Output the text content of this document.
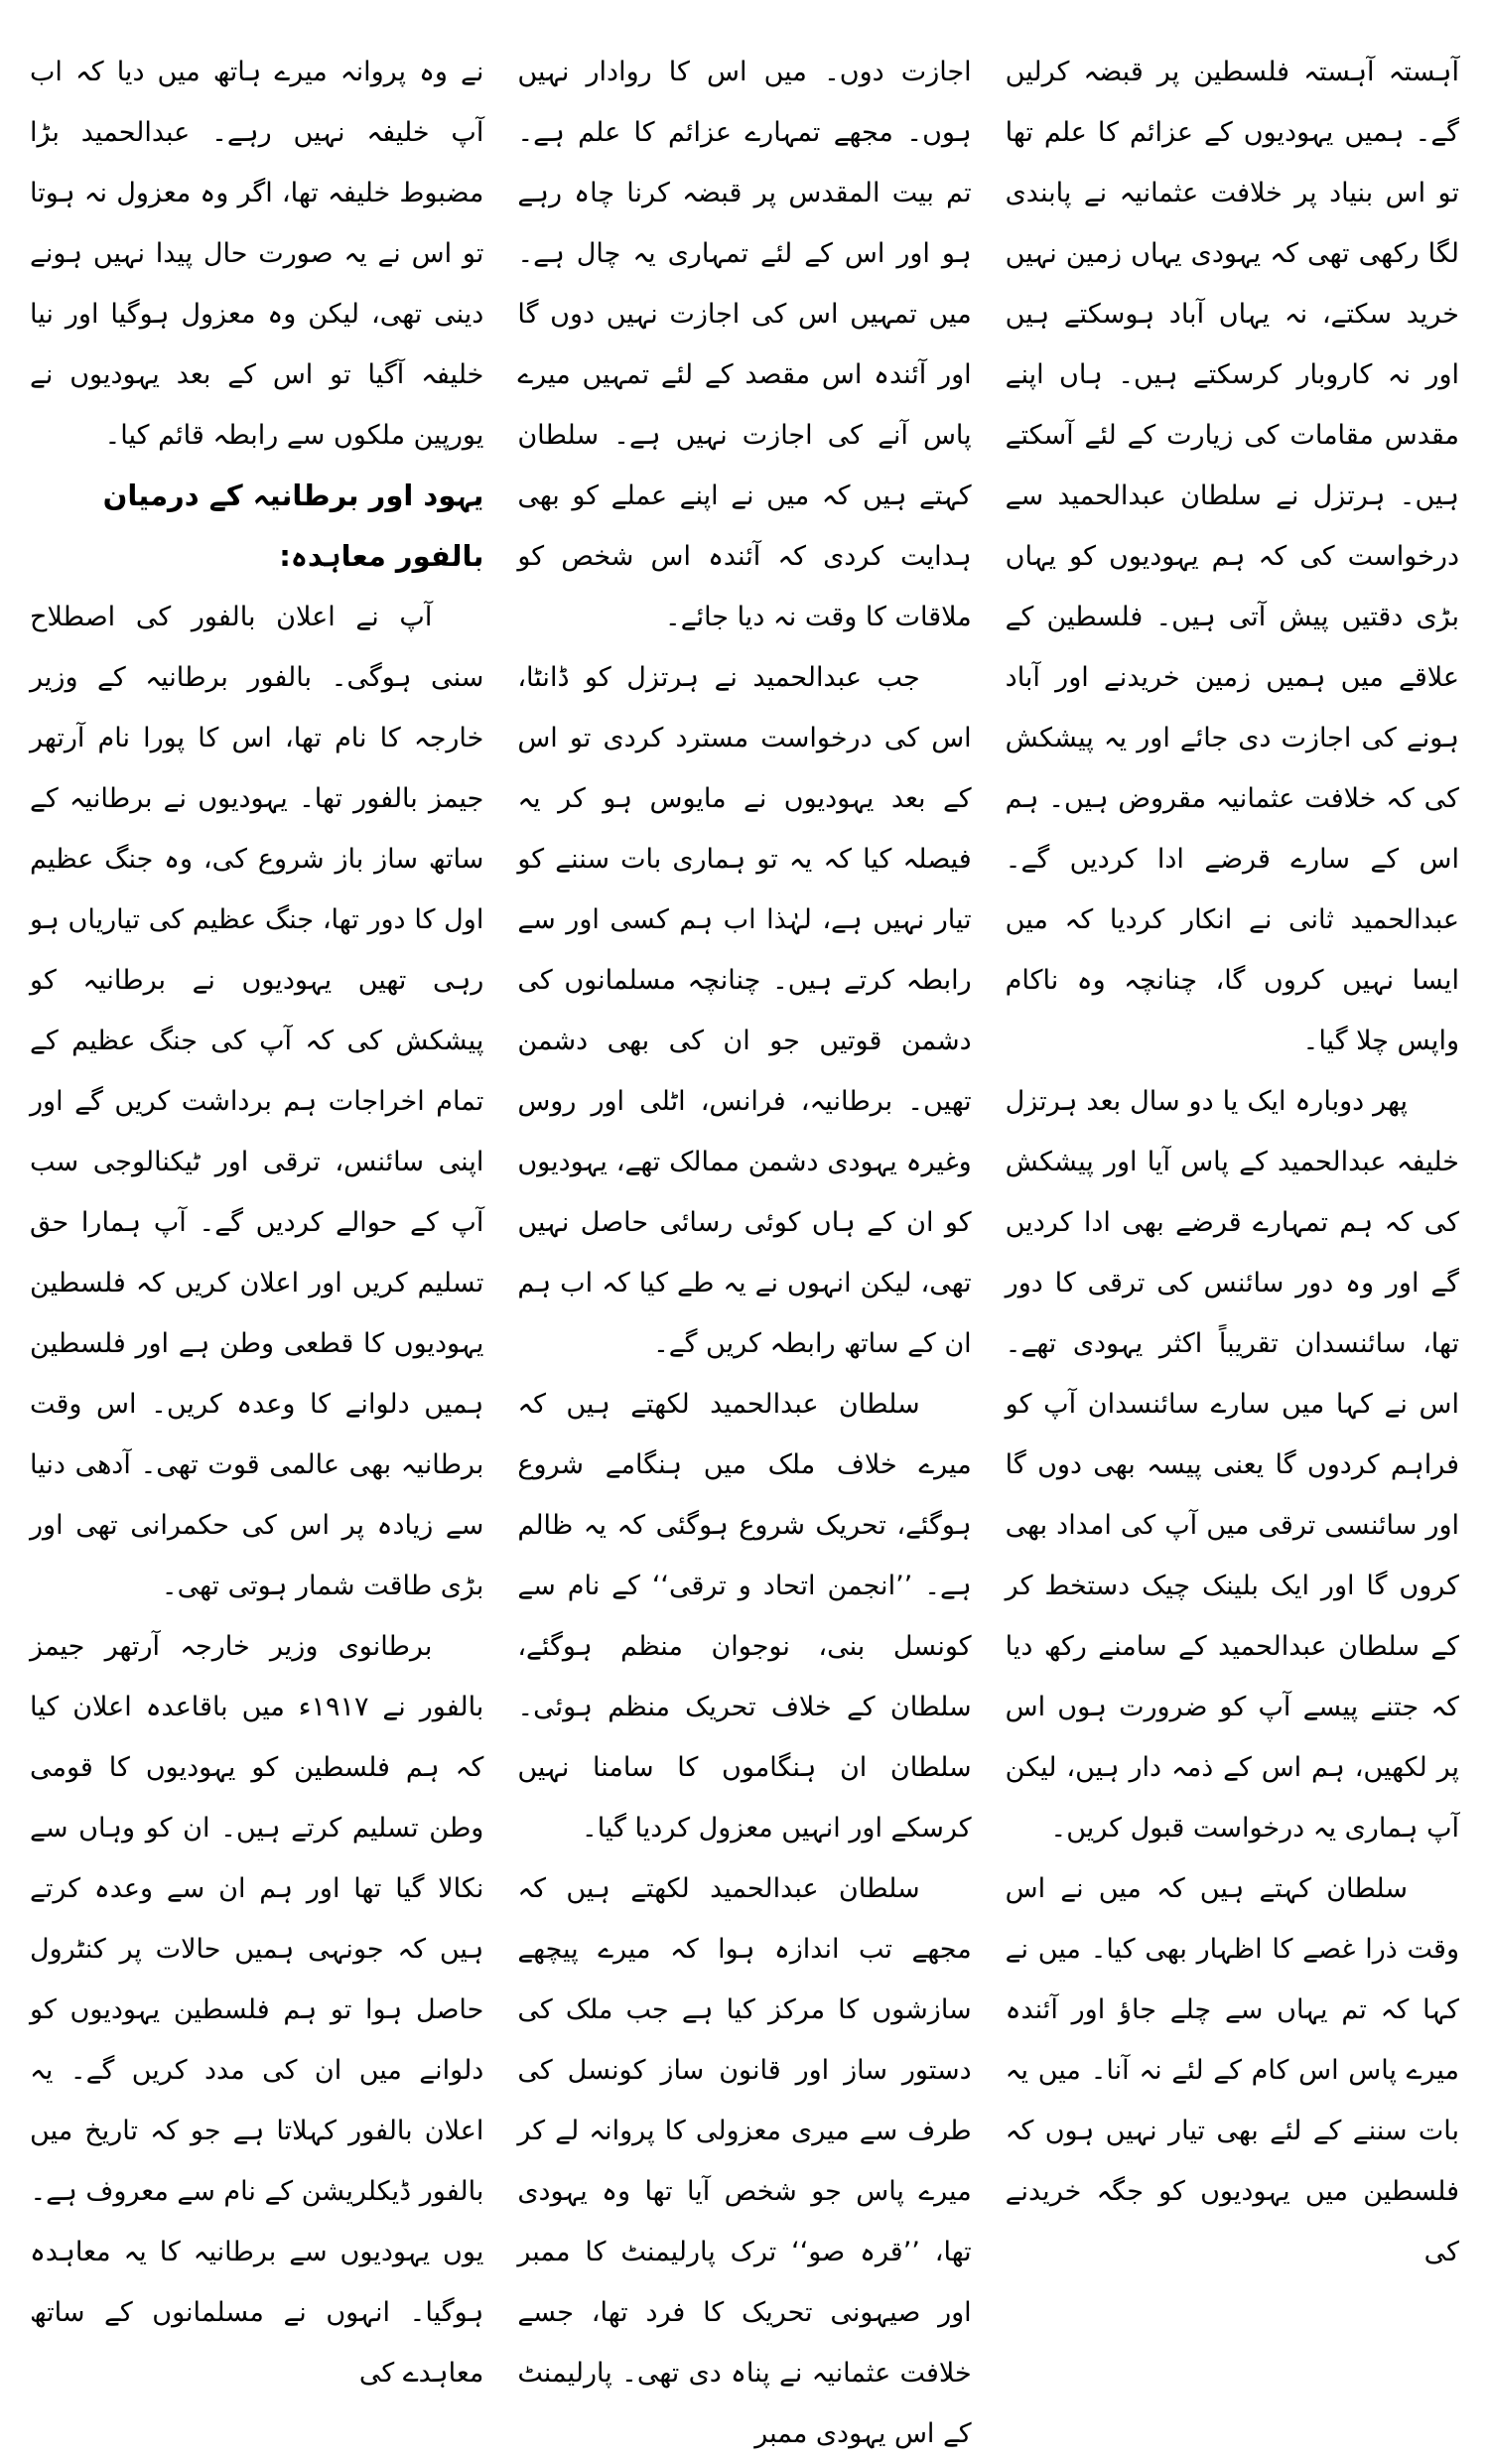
آہستہ آہستہ فلسطین پر قبضہ کرلیں گے۔ ہمیں یہودیوں کے عزائم کا علم تھا تو اس بنیاد پر خلافت عثمانیہ نے پابندی لگا رکھی تھی کہ یہودی یہاں زمین نہیں خرید سکتے، نہ یہاں آباد ہوسکتے ہیں اور نہ کاروبار کرسکتے ہیں۔ ہاں اپنے مقدس مقامات کی زیارت کے لئے آسکتے ہیں۔ ہرتزل نے سلطان عبدالحمید سے درخواست کی کہ ہم یہودیوں کو یہاں بڑی دقتیں پیش آتی ہیں۔ فلسطین کے علاقے میں ہمیں زمین خریدنے اور آباد ہونے کی اجازت دی جائے اور یہ پیشکش کی کہ خلافت عثمانیہ مقروض ہیں۔ ہم اس کے سارے قرضے ادا کردیں گے۔ عبدالحمید ثانی نے انکار کردیا کہ میں ایسا نہیں کروں گا، چنانچہ وہ ناکام واپس چلا گیا۔

پھر دوبارہ ایک یا دو سال بعد ہرتزل خلیفہ عبدالحمید کے پاس آیا اور پیشکش کی کہ ہم تمہارے قرضے بھی ادا کردیں گے اور وہ دور سائنس کی ترقی کا دور تھا، سائنسدان تقریباً اکثر یہودی تھے۔ اس نے کہا میں سارے سائنسدان آپ کو فراہم کردوں گا یعنی پیسہ بھی دوں گا اور سائنسی ترقی میں آپ کی امداد بھی کروں گا اور ایک بلینک چیک دستخط کر کے سلطان عبدالحمید کے سامنے رکھ دیا کہ جتنے پیسے آپ کو ضرورت ہوں اس پر لکھیں، ہم اس کے ذمہ دار ہیں، لیکن آپ ہماری یہ درخواست قبول کریں۔

سلطان کہتے ہیں کہ میں نے اس وقت ذرا غصے کا اظہار بھی کیا۔ میں نے کہا کہ تم یہاں سے چلے جاؤ اور آئندہ میرے پاس اس کام کے لئے نہ آنا۔ میں یہ بات سننے کے لئے بھی تیار نہیں ہوں کہ فلسطین میں یہودیوں کو جگہ خریدنے کی

اجازت دوں۔ میں اس کا روادار نہیں ہوں۔ مجھے تمہارے عزائم کا علم ہے۔ تم بیت المقدس پر قبضہ کرنا چاہ رہے ہو اور اس کے لئے تمہاری یہ چال ہے۔ میں تمہیں اس کی اجازت نہیں دوں گا اور آئندہ اس مقصد کے لئے تمہیں میرے پاس آنے کی اجازت نہیں ہے۔ سلطان کہتے ہیں کہ میں نے اپنے عملے کو بھی ہدایت کردی کہ آئندہ اس شخص کو ملاقات کا وقت نہ دیا جائے۔

جب عبدالحمید نے ہرتزل کو ڈانٹا، اس کی درخواست مسترد کردی تو اس کے بعد یہودیوں نے مایوس ہو کر یہ فیصلہ کیا کہ یہ تو ہماری بات سننے کو تیار نہیں ہے، لہٰذا اب ہم کسی اور سے رابطہ کرتے ہیں۔ چنانچہ مسلمانوں کی دشمن قوتیں جو ان کی بھی دشمن تھیں۔ برطانیہ، فرانس، اٹلی اور روس وغیرہ یہودی دشمن ممالک تھے، یہودیوں کو ان کے ہاں کوئی رسائی حاصل نہیں تھی، لیکن انہوں نے یہ طے کیا کہ اب ہم ان کے ساتھ رابطہ کریں گے۔

سلطان عبدالحمید لکھتے ہیں کہ میرے خلاف ملک میں ہنگامے شروع ہوگئے، تحریک شروع ہوگئی کہ یہ ظالم ہے۔ ’’انجمن اتحاد و ترقی‘‘ کے نام سے کونسل بنی، نوجوان منظم ہوگئے، سلطان کے خلاف تحریک منظم ہوئی۔ سلطان ان ہنگاموں کا سامنا نہیں کرسکے اور انہیں معزول کردیا گیا۔

سلطان عبدالحمید لکھتے ہیں کہ مجھے تب اندازہ ہوا کہ میرے پیچھے سازشوں کا مرکز کیا ہے جب ملک کی دستور ساز اور قانون ساز کونسل کی طرف سے میری معزولی کا پروانہ لے کر میرے پاس جو شخص آیا تھا وہ یہودی تھا، ’’قرہ صو‘‘ ترک پارلیمنٹ کا ممبر اور صیہونی تحریک کا فرد تھا، جسے خلافت عثمانیہ نے پناہ دی تھی۔ پارلیمنٹ کے اس یہودی ممبر

نے وہ پروانہ میرے ہاتھ میں دیا کہ اب آپ خلیفہ نہیں رہے۔ عبدالحمید بڑا مضبوط خلیفہ تھا، اگر وہ معزول نہ ہوتا تو اس نے یہ صورت حال پیدا نہیں ہونے دینی تھی، لیکن وہ معزول ہوگیا اور نیا خلیفہ آگیا تو اس کے بعد یہودیوں نے یورپین ملکوں سے رابطہ قائم کیا۔

یہود اور برطانیہ کے درمیان بالفور معاہدہ:

آپ نے اعلان بالفور کی اصطلاح سنی ہوگی۔ بالفور برطانیہ کے وزیر خارجہ کا نام تھا، اس کا پورا نام آرتھر جیمز بالفور تھا۔ یہودیوں نے برطانیہ کے ساتھ ساز باز شروع کی، وہ جنگ عظیم اول کا دور تھا، جنگ عظیم کی تیاریاں ہو رہی تھیں یہودیوں نے برطانیہ کو پیشکش کی کہ آپ کی جنگ عظیم کے تمام اخراجات ہم برداشت کریں گے اور اپنی سائنس، ترقی اور ٹیکنالوجی سب آپ کے حوالے کردیں گے۔ آپ ہمارا حق تسلیم کریں اور اعلان کریں کہ فلسطین یہودیوں کا قطعی وطن ہے اور فلسطین ہمیں دلوانے کا وعدہ کریں۔ اس وقت برطانیہ بھی عالمی قوت تھی۔ آدھی دنیا سے زیادہ پر اس کی حکمرانی تھی اور بڑی طاقت شمار ہوتی تھی۔

برطانوی وزیر خارجہ آرتھر جیمز بالفور نے ۱۹۱۷ء میں باقاعدہ اعلان کیا کہ ہم فلسطین کو یہودیوں کا قومی وطن تسلیم کرتے ہیں۔ ان کو وہاں سے نکالا گیا تھا اور ہم ان سے وعدہ کرتے ہیں کہ جونہی ہمیں حالات پر کنٹرول حاصل ہوا تو ہم فلسطین یہودیوں کو دلوانے میں ان کی مدد کریں گے۔ یہ اعلان بالفور کہلاتا ہے جو کہ تاریخ میں بالفور ڈیکلریشن کے نام سے معروف ہے۔

یوں یہودیوں سے برطانیہ کا یہ معاہدہ ہوگیا۔ انہوں نے مسلمانوں کے ساتھ معاہدے کی
